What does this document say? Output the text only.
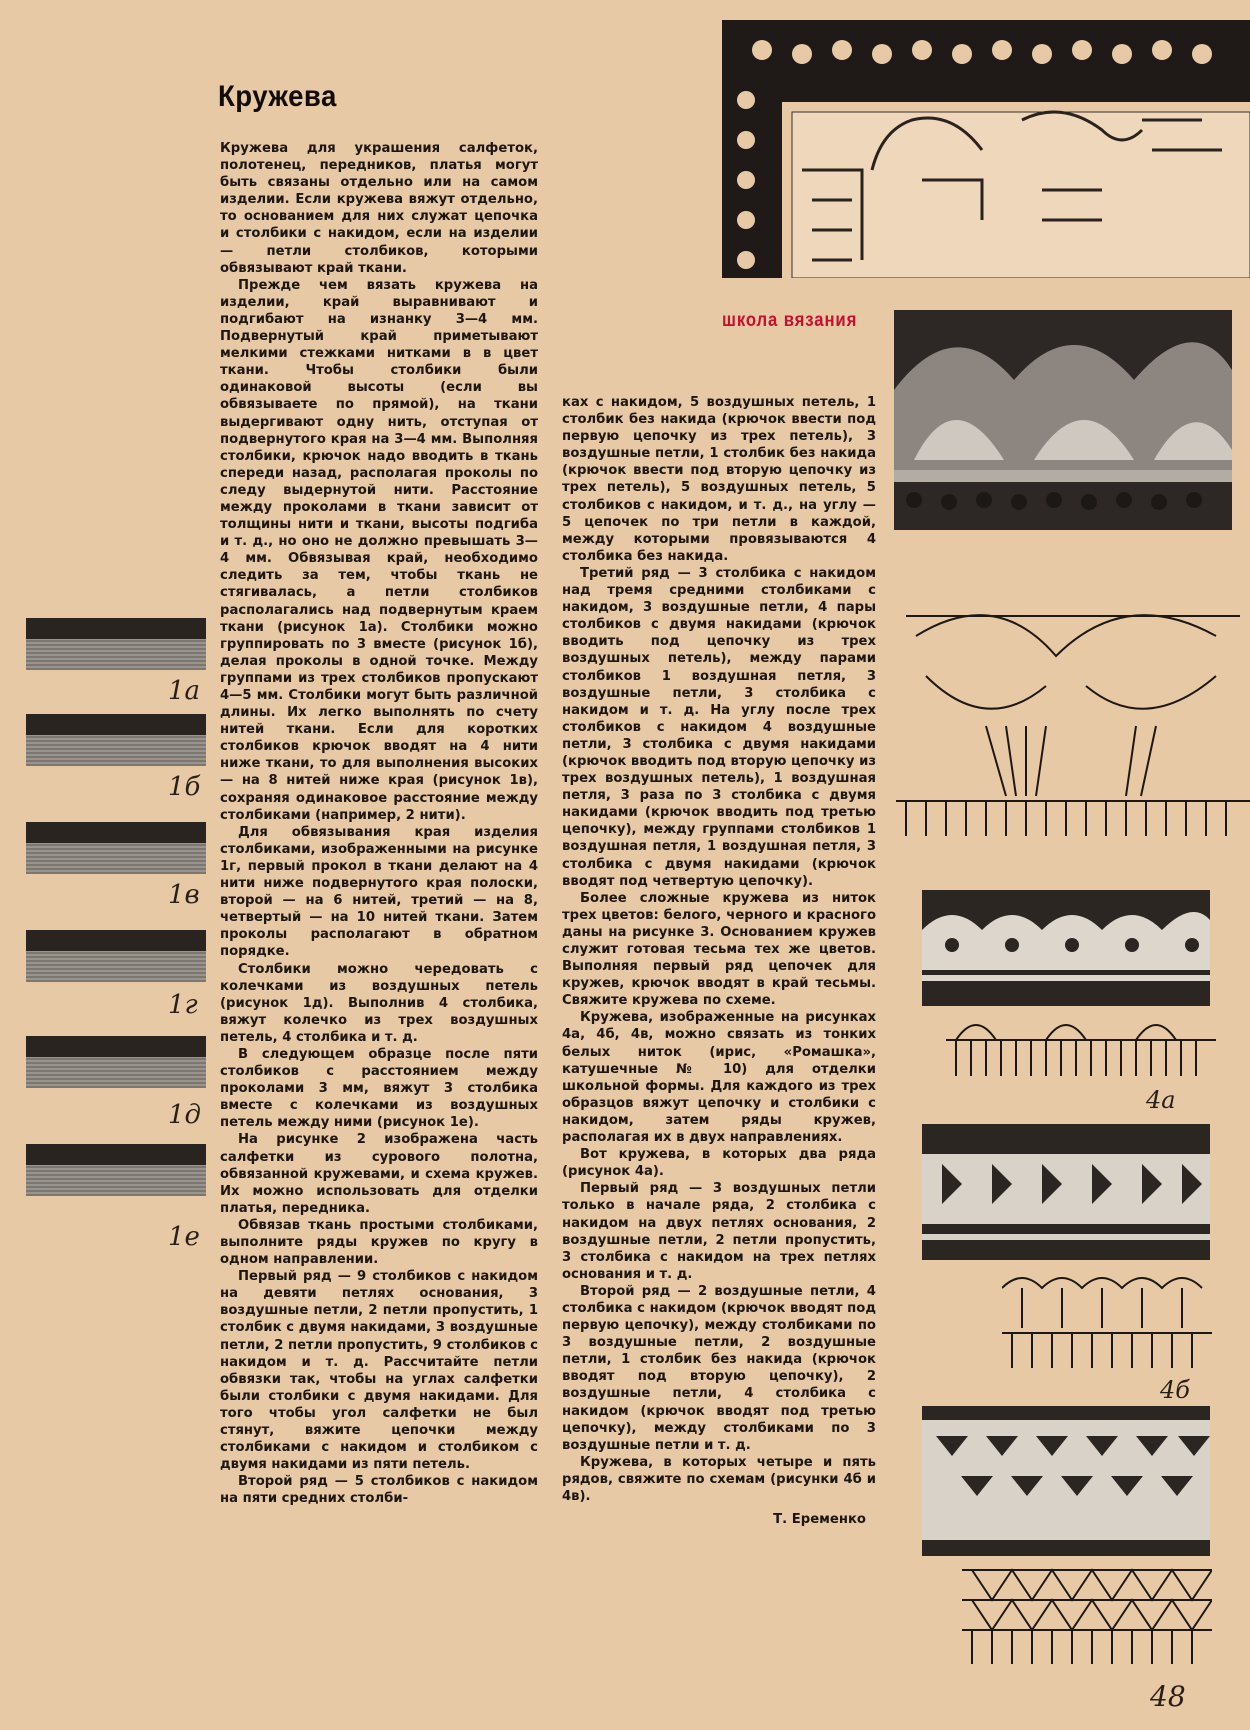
Кружева

Кружева для украшения салфеток, полотенец, передников, платья могут быть связаны отдельно или на самом изделии. Если кружева вяжут отдельно, то основанием для них служат цепочка и столбики с накидом, если на изделии — петли столбиков, которыми обвязывают край ткани.

Прежде чем вязать кружева на изделии, край выравнивают и подгибают на изнанку 3—4 мм. Подвернутый край приметывают мелкими стежками нитками в в цвет ткани. Чтобы столбики были одинаковой высоты (если вы обвязываете по прямой), на ткани выдергивают одну нить, отступая от подвернутого края на 3—4 мм. Выполняя столбики, крючок надо вводить в ткань спереди назад, располагая проколы по следу выдернутой нити. Расстояние между проколами в ткани зависит от толщины нити и ткани, высоты подгиба и т. д., но оно не должно превышать 3—4 мм. Обвязывая край, необходимо следить за тем, чтобы ткань не стягивалась, а петли столбиков располагались над подвернутым краем ткани (рисунок 1а). Столбики можно группировать по 3 вместе (рисунок 1б), делая проколы в одной точке. Между группами из трех столбиков пропускают 4—5 мм. Столбики могут быть различной длины. Их легко выполнять по счету нитей ткани. Если для коротких столбиков крючок вводят на 4 нити ниже ткани, то для выполнения высоких — на 8 нитей ниже края (рисунок 1в), сохраняя одинаковое расстояние между столбиками (например, 2 нити).

Для обвязывания края изделия столбиками, изображенными на рисунке 1г, первый прокол в ткани делают на 4 нити ниже подвернутого края полоски, второй — на 6 нитей, третий — на 8, четвертый — на 10 нитей ткани. Затем проколы располагают в обратном порядке.

Столбики можно чередовать с колечками из воздушных петель (рисунок 1д). Выполнив 4 столбика, вяжут колечко из трех воздушных петель, 4 столбика и т. д.

В следующем образце после пяти столбиков с расстоянием между проколами 3 мм, вяжут 3 столбика вместе с колечками из воздушных петель между ними (рисунок 1е).

На рисунке 2 изображена часть салфетки из сурового полотна, обвязанной кружевами, и схема кружев. Их можно использовать для отделки платья, передника.

Обвязав ткань простыми столбиками, выполните ряды кружев по кругу в одном направлении.

Первый ряд — 9 столбиков с накидом на девяти петлях основания, 3 воздушные петли, 2 петли пропустить, 1 столбик с двумя накидами, 3 воздушные петли, 2 петли пропустить, 9 столбиков с накидом и т. д. Рассчитайте петли обвязки так, чтобы на углах салфетки были столбики с двумя накидами. Для того чтобы угол салфетки не был стянут, вяжите цепочки между столбиками с накидом и столбиком с двумя накидами из пяти петель.

Второй ряд — 5 столбиков с накидом на пяти средних столби-

ках с накидом, 5 воздушных петель, 1 столбик без накида (крючок ввести под первую цепочку из трех петель), 3 воздушные петли, 1 столбик без накида (крючок ввести под вторую цепочку из трех петель), 5 воздушных петель, 5 столбиков с накидом, и т. д., на углу — 5 цепочек по три петли в каждой, между которыми провязываются 4 столбика без накида.

Третий ряд — 3 столбика с накидом над тремя средними столбиками с накидом, 3 воздушные петли, 4 пары столбиков с двумя накидами (крючок вводить под цепочку из трех воздушных петель), между парами столбиков 1 воздушная петля, 3 воздушные петли, 3 столбика с накидом и т. д. На углу после трех столбиков с накидом 4 воздушные петли, 3 столбика с двумя накидами (крючок вводить под вторую цепочку из трех воздушных петель), 1 воздушная петля, 3 раза по 3 столбика с двумя накидами (крючок вводить под третью цепочку), между группами столбиков 1 воздушная петля, 1 воздушная петля, 3 столбика с двумя накидами (крючок вводят под четвертую цепочку).

Более сложные кружева из ниток трех цветов: белого, черного и красного даны на рисунке 3. Основанием кружев служит готовая тесьма тех же цветов. Выполняя первый ряд цепочек для кружев, крючок вводят в край тесьмы. Свяжите кружева по схеме.

Кружева, изображенные на рисунках 4а, 4б, 4в, можно связать из тонких белых ниток (ирис, «Ромашка», катушечные № 10) для отделки школьной формы. Для каждого из трех образцов вяжут цепочку и столбики с накидом, затем ряды кружев, располагая их в двух направлениях.

Вот кружева, в которых два ряда (рисунок 4а).

Первый ряд — 3 воздушных петли только в начале ряда, 2 столбика с накидом на двух петлях основания, 2 воздушные петли, 2 петли пропустить, 3 столбика с накидом на трех петлях основания и т. д.

Второй ряд — 2 воздушные петли, 4 столбика с накидом (крючок вводят под первую цепочку), между столбиками по 3 воздушные петли, 2 воздушные петли, 1 столбик без накида (крючок вводят под вторую цепочку), 2 воздушные петли, 4 столбика с накидом (крючок вводят под третью цепочку), между столбиками по 3 воздушные петли и т. д.

Кружева, в которых четыре и пять рядов, свяжите по схемам (рисунки 4б и 4в).

Т. Еременко

школа вязания
1а
1б
1в
1г
1д
1е
4а
4б
48
